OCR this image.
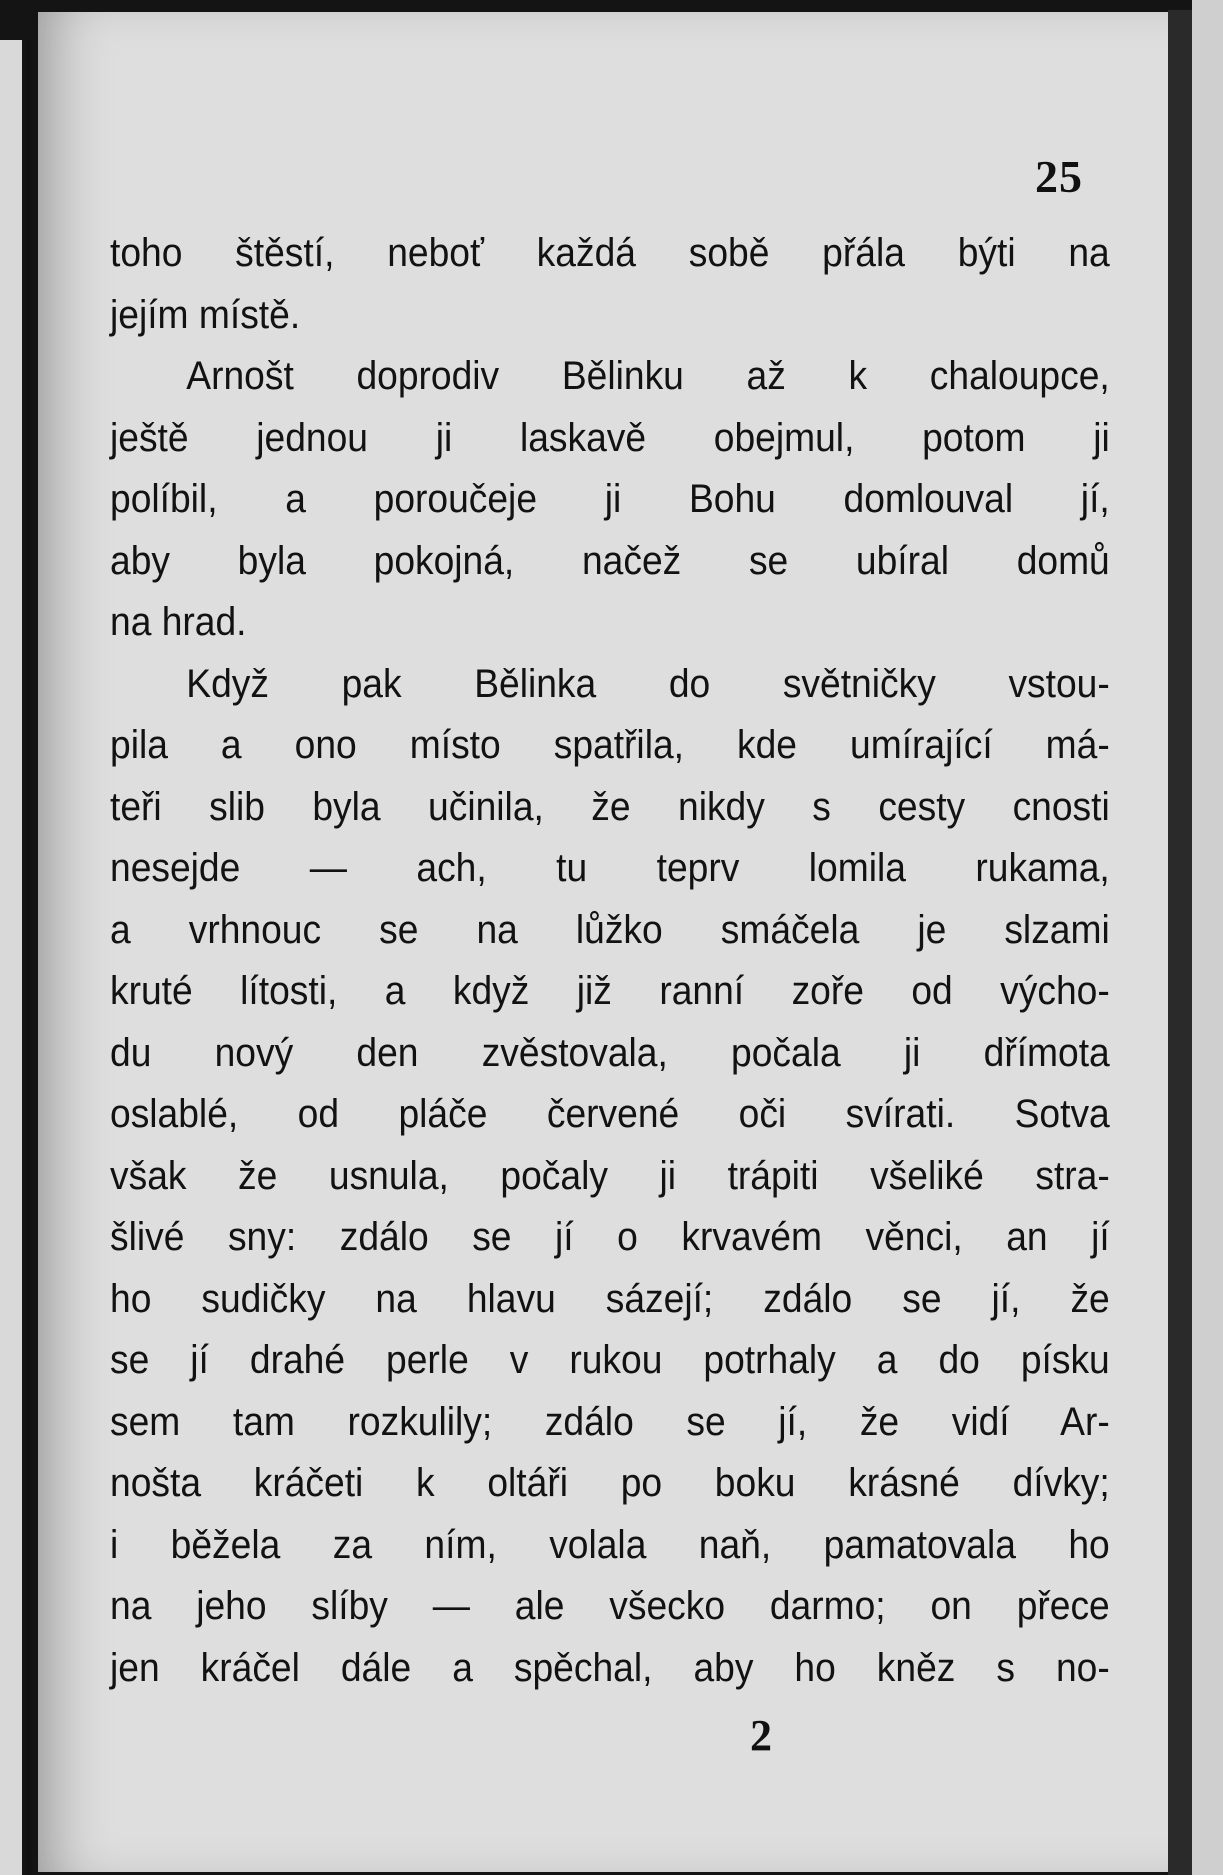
25
toho štěstí, neboť každá sobě přála býti na
jejím místě.
Arnošt doprodiv Bělinku až k chaloupce,
ještě jednou ji laskavě obejmul, potom ji
políbil, a poroučeje ji Bohu domlouval jí,
aby byla pokojná, načež se ubíral domů
na hrad.
Když pak Bělinka do světničky vstou-
pila a ono místo spatřila, kde umírající má-
teři slib byla učinila, že nikdy s cesty cnosti
nesejde — ach, tu teprv lomila rukama,
a vrhnouc se na lůžko smáčela je slzami
kruté lítosti, a když již ranní zoře od výcho-
du nový den zvěstovala, počala ji dřímota
oslablé, od pláče červené oči svírati. Sotva
však že usnula, počaly ji trápiti všeliké stra-
šlivé sny: zdálo se jí o krvavém věnci, an jí
ho sudičky na hlavu sázejí; zdálo se jí, že
se jí drahé perle v rukou potrhaly a do písku
sem tam rozkulily; zdálo se jí, že vidí Ar-
nošta kráčeti k oltáři po boku krásné dívky;
i běžela za ním, volala naň, pamatovala ho
na jeho slíby — ale všecko darmo; on přece
jen kráčel dále a spěchal, aby ho kněz s no-
2
